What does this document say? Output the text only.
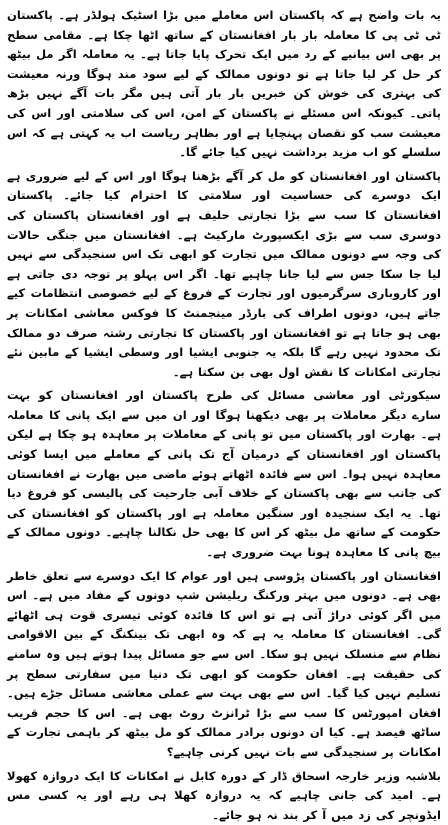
یہ بات واضح ہے کہ پاکستان اس معاملے میں بڑا اسٹیک ہولڈر ہے۔ پاکستان ٹی ٹی پی کا معاملہ بار بار افغانستان کے ساتھ اٹھا چکا ہے۔ مقامی سطح پر بھی اس بیانیے کے رد میں ایک تحرک پایا جاتا ہے۔ یہ معاملہ اگر مل بیٹھ کر حل کر لیا جاتا ہے تو دونوں ممالک کے لیے سود مند ہوگا ورنہ معیشت کی بہتری کی خوش کن خبریں بار بار آتی ہیں مگر بات آگے نہیں بڑھ پاتی۔ کیونکہ اس مسئلے نے پاکستان کے امن، اس کی سلامتی اور اس کی معیشت سب کو نقصان پہنچایا ہے اور بظاہر ریاست اب یہ کہتی ہے کہ اس سلسلے کو اب مزید برداشت نہیں کیا جائے گا۔

پاکستان اور افغانستان کو مل کر آگے بڑھنا ہوگا اور اس کے لیے ضروری ہے ایک دوسرے کی حساسیت اور سلامتی کا احترام کیا جائے۔ پاکستان افغانستان کا سب سے بڑا تجارتی حلیف ہے اور افغانستان پاکستان کی دوسری سب سے بڑی ایکسپورٹ مارکیٹ ہے۔ افغانستان میں جنگی حالات کی وجہ سے دونوں ممالک میں تجارت کو ابھی تک اس سنجیدگی سے نہیں لیا جا سکا جس سے لیا جانا چاہیے تھا۔ اگر اس پہلو پر توجہ دی جاتی ہے اور کاروباری سرگرمیوں اور تجارت کے فروغ کے لیے خصوصی انتظامات کیے جاتے ہیں، دونوں اطراف کی بارڈر مینجمنٹ کا فوکس معاشی امکانات پر بھی ہو جاتا ہے تو افغانستان اور پاکستان کا تجارتی رشتہ صرف دو ممالک تک محدود نہیں رہے گا بلکہ یہ جنوبی ایشیا اور وسطی ایشیا کے مابین نئے تجارتی امکانات کا نقش اول بھی بن سکتا ہے۔

سیکورٹی اور معاشی مسائل کی طرح پاکستان اور افغانستان کو بہت سارے دیگر معاملات پر بھی دیکھنا ہوگا اور ان میں سے ایک پانی کا معاملہ ہے۔ بھارت اور پاکستان میں تو پانی کے معاملات پر معاہدہ ہو چکا ہے لیکن پاکستان اور افغانستان کے درمیان آج تک پانی کے معاملے میں ایسا کوئی معاہدہ نہیں ہوا۔ اس سے فائدہ اٹھاتے ہوئے ماضی میں بھارت نے افغانستان کی جانب سے بھی پاکستان کے خلاف آبی جارحیت کی پالیسی کو فروغ دیا تھا۔ یہ ایک سنجیدہ اور سنگین معاملہ ہے اور پاکستان کو افغانستان کی حکومت کے ساتھ مل بیٹھ کر اس کا بھی حل نکالنا چاہیے۔ دونوں ممالک کے بیچ پانی کا معاہدہ ہونا بہت ضروری ہے۔

افغانستان اور پاکستان پڑوسی ہیں اور عوام کا ایک دوسرے سے تعلق خاطر بھی ہے۔ دونوں میں بہتر ورکنگ ریلیشن شپ دونوں کے مفاد میں ہے۔ اس میں اگر کوئی دراڑ آتی ہے تو اس کا فائدہ کوئی تیسری قوت ہی اٹھائے گی۔ افغانستان کا معاملہ یہ ہے کہ وہ ابھی تک بینکنگ کے بین الاقوامی نظام سے منسلک نہیں ہو سکا۔ اس سے جو مسائل پیدا ہوتے ہیں وہ سامنے کی حقیقت ہے۔ افغان حکومت کو ابھی تک دنیا میں سفارتی سطح پر تسلیم نہیں کیا گیا۔ اس سے بھی بہت سے عملی معاشی مسائل جڑے ہیں۔ افغان امپورٹس کا سب سے بڑا ٹرانزٹ روٹ بھی ہے۔ اس کا حجم قریب ساٹھ فیصد ہے۔ کیا ان دونوں برادر ممالک کو مل بیٹھ کر باہمی تجارت کے امکانات پر سنجیدگی سے بات نہیں کرنی چاہیے؟

بلاشبہ وزیر خارجہ اسحاق ڈار کے دورہ کابل نے امکانات کا ایک دروازہ کھولا ہے۔ امید کی جانی چاہیے کہ یہ دروازہ کھلا ہی رہے اور یہ کسی مس ایڈونچر کی زد میں آ کر بند نہ ہو جائے۔
